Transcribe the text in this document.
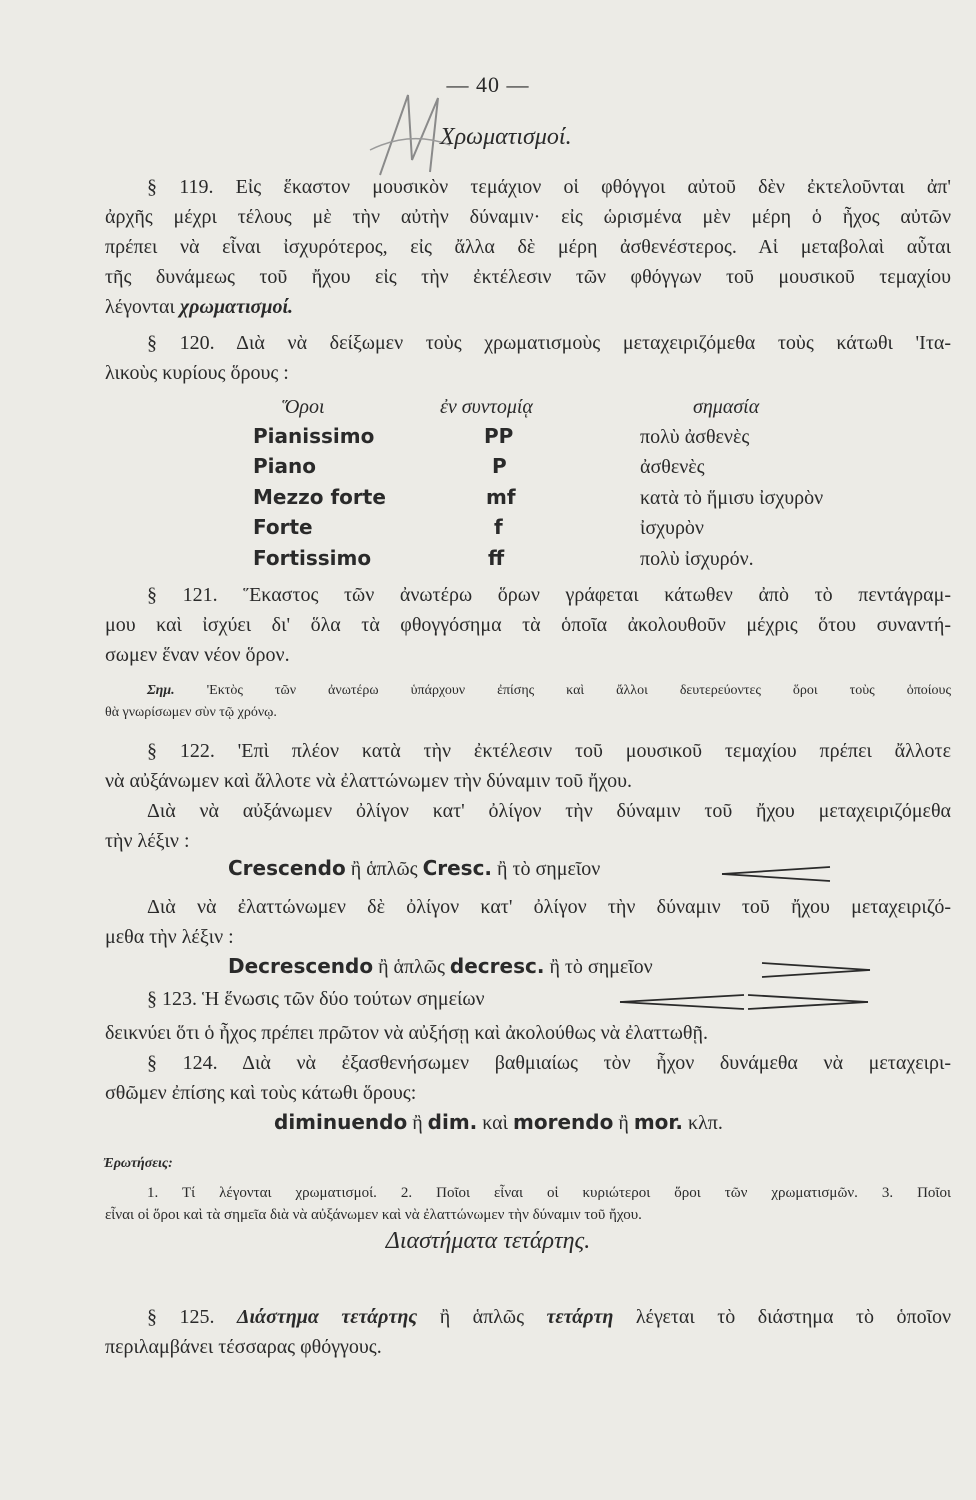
— 40 —
Χρωματισμοί.
§ 119. Εἰς ἕκαστον μουσικὸν τεμάχιον οἱ φθόγγοι αὐτοῦ δὲν ἐκτελοῦνται ἀπ'
ἀρχῆς μέχρι τέλους μὲ τὴν αὐτὴν δύναμιν· εἰς ὡρισμένα μὲν μέρη ὁ ἦχος αὐτῶν
πρέπει νὰ εἶναι ἰσχυρότερος, εἰς ἄλλα δὲ μέρη ἀσθενέστερος. Αἱ μεταβολαὶ αὗται
τῆς δυνάμεως τοῦ ἤχου εἰς τὴν ἐκτέλεσιν τῶν φθόγγων τοῦ μουσικοῦ τεμαχίου
λέγονται χρωματισμοί.
§ 120. Διὰ νὰ δείξωμεν τοὺς χρωματισμοὺς μεταχειριζόμεθα τοὺς κάτωθι 'Ιτα-
λικοὺς κυρίους ὅρους :
Ὅροι	ἐν συντομίᾳ	σημασία
Pianissimo	PP	πολὺ ἀσθενὲς
Piano	P	ἀσθενὲς
Mezzo forte	mf	κατὰ τὸ ἥμισυ ἰσχυρὸν
Forte	f	ἰσχυρὸν
Fortissimo	ff	πολὺ ἰσχυρόν.
§ 121. Ἕκαστος τῶν ἀνωτέρω ὅρων γράφεται κάτωθεν ἀπὸ τὸ πεντάγραμ-
μου καὶ ἰσχύει δι' ὅλα τὰ φθογγόσημα τὰ ὁποῖα ἀκολουθοῦν μέχρις ὅτου συναντή-
σωμεν ἕναν νέον ὅρον.
Σημ. 'Εκτὸς τῶν ἀνωτέρω ὑπάρχουν ἐπίσης καὶ ἄλλοι δευτερεύοντες ὅροι τοὺς ὁποίους
θὰ γνωρίσωμεν σὺν τῷ χρόνῳ.
§ 122. 'Επὶ πλέον κατὰ τὴν ἐκτέλεσιν τοῦ μουσικοῦ τεμαχίου πρέπει ἄλλοτε
νὰ αὐξάνωμεν καὶ ἄλλοτε νὰ ἐλαττώνωμεν τὴν δύναμιν τοῦ ἤχου.
Διὰ νὰ αὐξάνωμεν ὀλίγον κατ' ὀλίγον τὴν δύναμιν τοῦ ἤχου μεταχειριζόμεθα
τὴν λέξιν :
Crescendo ἢ ἁπλῶς Cresc. ἢ τὸ σημεῖον
Διὰ νὰ ἐλαττώνωμεν δὲ ὀλίγον κατ' ὀλίγον τὴν δύναμιν τοῦ ἤχου μεταχειριζό-
μεθα τὴν λέξιν :
Decrescendo ἢ ἁπλῶς decresc. ἢ τὸ σημεῖον
§ 123. Ἡ ἕνωσις τῶν δύο τούτων σημείων
δεικνύει ὅτι ὁ ἦχος πρέπει πρῶτον νὰ αὐξήσῃ καὶ ἀκολούθως νὰ ἐλαττωθῇ.
§ 124. Διὰ νὰ ἐξασθενήσωμεν βαθμιαίως τὸν ἦχον δυνάμεθα νὰ μεταχειρι-
σθῶμεν ἐπίσης καὶ τοὺς κάτωθι ὅρους:
diminuendo ἢ dim. καὶ morendo ἢ mor. κλπ.
Ἐρωτήσεις:
1. Τί λέγονται χρωματισμοί. 2. Ποῖοι εἶναι οἱ κυριώτεροι ὅροι τῶν χρωματισμῶν. 3. Ποῖοι
εἶναι οἱ ὅροι καὶ τὰ σημεῖα διὰ νὰ αὐξάνωμεν καὶ νὰ ἐλαττώνωμεν τὴν δύναμιν τοῦ ἤχου.
Διαστήματα τετάρτης.
§ 125. Διάστημα τετάρτης ἢ ἁπλῶς τετάρτη λέγεται τὸ διάστημα τὸ ὁποῖον
περιλαμβάνει τέσσαρας φθόγγους.
